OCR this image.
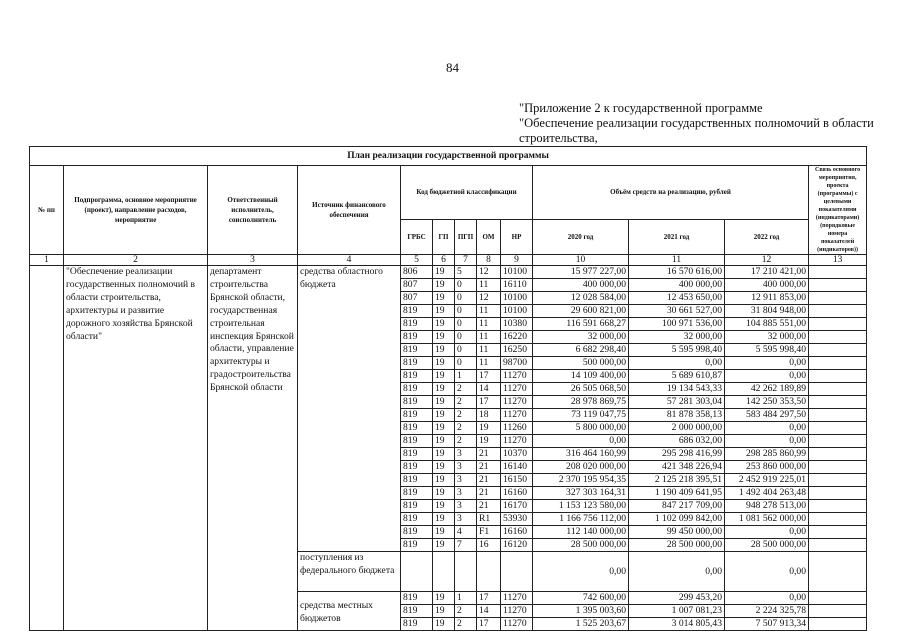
84
"Приложение 2 к государственной программе
"Обеспечение реализации государственных полномочий в области
строительства,
План реализации государственной программы												
№ пп	Подпрограмма, основное мероприятие (проект), направление расходов, мероприятие	Ответственный исполнитель, соисполнитель	Источник финансового обеспечения	Код бюджетной классификации					Объём средств на реализацию, рублей			Связь основного мероприятия, проекта (программы) с целевыми показателями (индикаторами) (порядковые номера показателей (индикаторов))
				ГРБС	ГП	ПГП	ОМ	НР	2020 год	2021 год	2022 год	
1	2	3	4	5	6	7	8	9	10	11	12	13
	"Обеспечение реализации государственных полномочий в области строительства, архитектуры и развитие дорожного хозяйства Брянской области"	департамент строительства Брянской области, государственная строительная инспекция Брянской области, управление архитектуры и градостроительства Брянской области	средства областного бюджета	806	19	5	12	10100	15 977 227,00	16 570 616,00	17 210 421,00	
				807	19	0	11	16110	400 000,00	400 000,00	400 000,00	
				807	19	0	12	10100	12 028 584,00	12 453 650,00	12 911 853,00	
				819	19	0	11	10100	29 600 821,00	30 661 527,00	31 804 948,00	
				819	19	0	11	10380	116 591 668,27	100 971 536,00	104 885 551,00	
				819	19	0	11	16220	32 000,00	32 000,00	32 000,00	
				819	19	0	11	16250	6 682 298,40	5 595 998,40	5 595 998,40	
				819	19	0	11	98700	500 000,00	0,00	0,00	
				819	19	1	17	11270	14 109 400,00	5 689 610,87	0,00	
				819	19	2	14	11270	26 505 068,50	19 134 543,33	42 262 189,89	
				819	19	2	17	11270	28 978 869,75	57 281 303,04	142 250 353,50	
				819	19	2	18	11270	73 119 047,75	81 878 358,13	583 484 297,50	
				819	19	2	19	11260	5 800 000,00	2 000 000,00	0,00	
				819	19	2	19	11270	0,00	686 032,00	0,00	
				819	19	3	21	10370	316 464 160,99	295 298 416,99	298 285 860,99	
				819	19	3	21	16140	208 020 000,00	421 348 226,94	253 860 000,00	
				819	19	3	21	16150	2 370 195 954,35	2 125 218 395,51	2 452 919 225,01	
				819	19	3	21	16160	327 303 164,31	1 190 409 641,95	1 492 404 263,48	
				819	19	3	21	16170	1 153 123 580,00	847 217 709,00	948 278 513,00	
				819	19	3	R1	53930	1 166 756 112,00	1 102 099 842,00	1 081 562 000,00	
				819	19	4	F1	16160	112 140 000,00	99 450 000,00	0,00	
				819	19	7	16	16120	28 500 000,00	28 500 000,00	28 500 000,00	
			поступления из федерального бюджета						0,00	0,00	0,00	
			средства местных бюджетов	819	19	1	17	11270	742 600,00	299 453,20	0,00	
				819	19	2	14	11270	1 395 003,60	1 007 081,23	2 224 325,78	
				819	19	2	17	11270	1 525 203,67	3 014 805,43	7 507 913,34	
